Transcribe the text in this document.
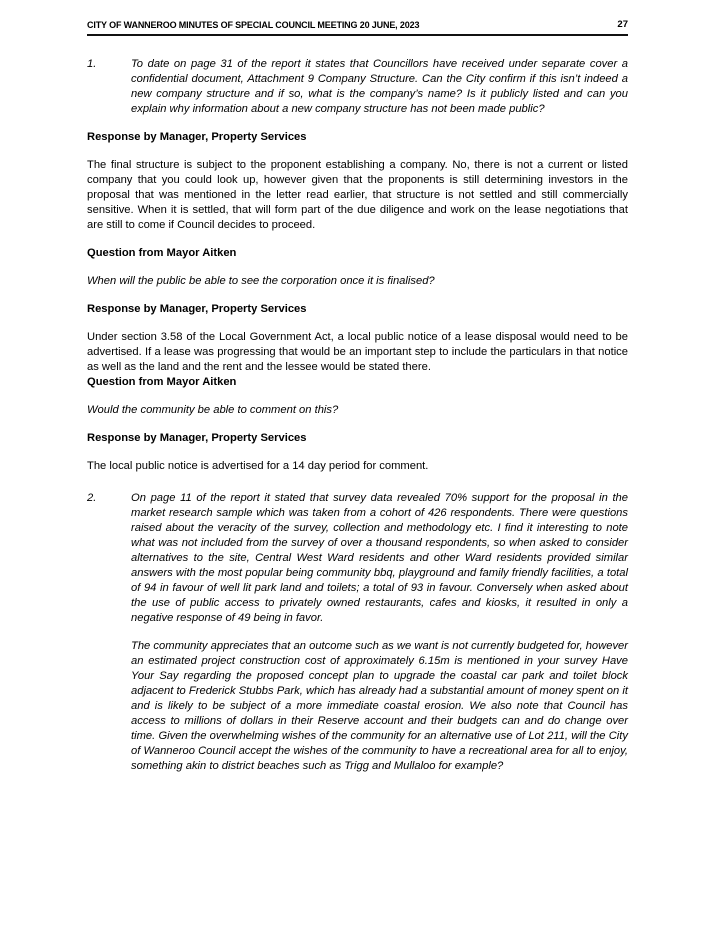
CITY OF WANNEROO MINUTES OF SPECIAL COUNCIL MEETING 20 JUNE, 2023	27
1.	To date on page 31 of the report it states that Councillors have received under separate cover a confidential document, Attachment 9 Company Structure. Can the City confirm if this isn’t indeed a new company structure and if so, what is the company’s name? Is it publicly listed and can you explain why information about a new company structure has not been made public?

Response by Manager, Property Services

The final structure is subject to the proponent establishing a company. No, there is not a current or listed company that you could look up, however given that the proponents is still determining investors in the proposal that was mentioned in the letter read earlier, that structure is not settled and still commercially sensitive. When it is settled, that will form part of the due diligence and work on the lease negotiations that are still to come if Council decides to proceed.

Question from Mayor Aitken

When will the public be able to see the corporation once it is finalised?

Response by Manager, Property Services

Under section 3.58 of the Local Government Act, a local public notice of a lease disposal would need to be advertised. If a lease was progressing that would be an important step to include the particulars in that notice as well as the land and the rent and the lessee would be stated there.

Question from Mayor Aitken

Would the community be able to comment on this?

Response by Manager, Property Services

The local public notice is advertised for a 14 day period for comment.

2.	On page 11 of the report it stated that survey data revealed 70% support for the proposal in the market research sample which was taken from a cohort of 426 respondents. There were questions raised about the veracity of the survey, collection and methodology etc. I find it interesting to note what was not included from the survey of over a thousand respondents, so when asked to consider alternatives to the site, Central West Ward residents and other Ward residents provided similar answers with the most popular being community bbq, playground and family friendly facilities, a total of 94 in favour of well lit park land and toilets; a total of 93 in favour. Conversely when asked about the use of public access to privately owned restaurants, cafes and kiosks, it resulted in only a negative response of 49 being in favor.

The community appreciates that an outcome such as we want is not currently budgeted for, however an estimated project construction cost of approximately 6.15m is mentioned in your survey Have Your Say regarding the proposed concept plan to upgrade the coastal car park and toilet block adjacent to Frederick Stubbs Park, which has already had a substantial amount of money spent on it and is likely to be subject of a more immediate coastal erosion. We also note that Council has access to millions of dollars in their Reserve account and their budgets can and do change over time. Given the overwhelming wishes of the community for an alternative use of Lot 211, will the City of Wanneroo Council accept the wishes of the community to have a recreational area for all to enjoy, something akin to district beaches such as Trigg and Mullaloo for example?
